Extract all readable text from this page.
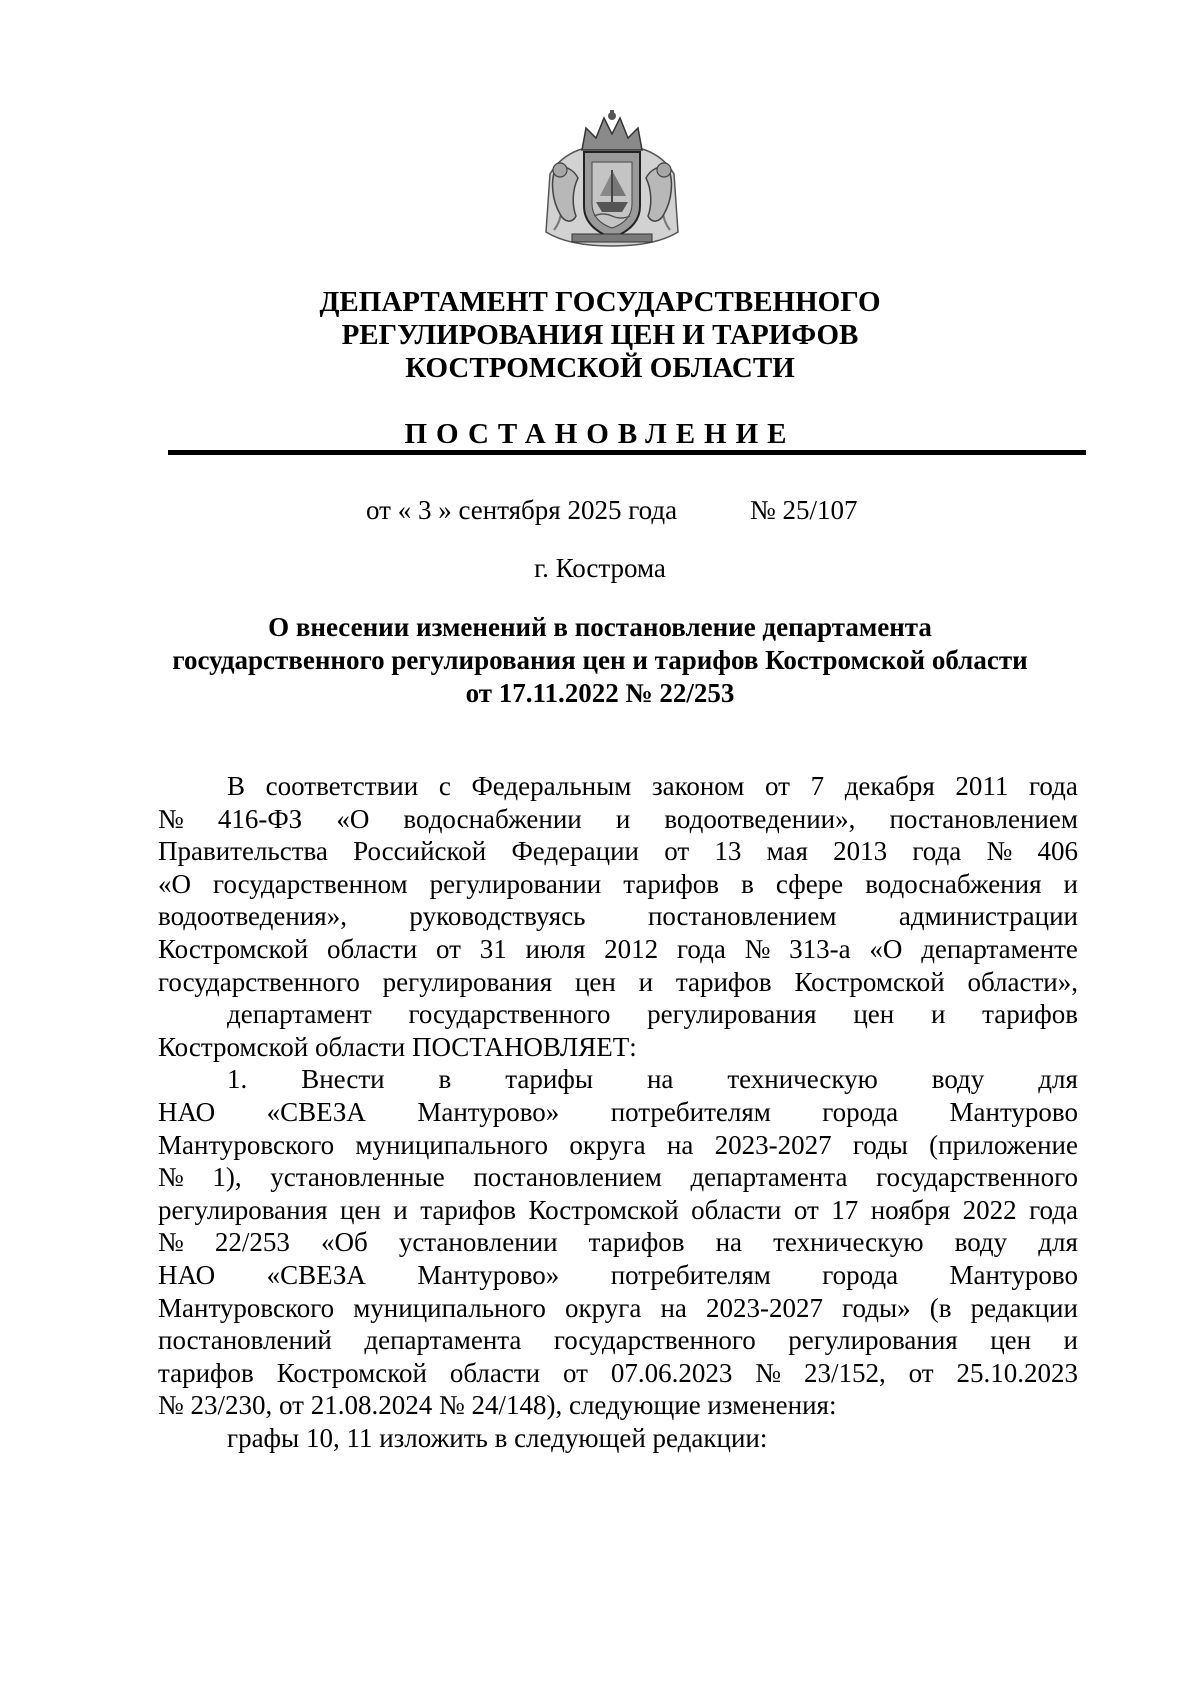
ДЕПАРТАМЕНТ ГОСУДАРСТВЕННОГО
РЕГУЛИРОВАНИЯ ЦЕН И ТАРИФОВ
КОСТРОМСКОЙ ОБЛАСТИ
ПОСТАНОВЛЕНИЕ
от « 3 » сентября 2025 года	№ 25/107
г. Кострома
О внесении изменений в постановление департамента
государственного регулирования цен и тарифов Костромской области
от 17.11.2022 № 22/253
В соответствии с Федеральным законом от 7 декабря 2011 года
№ 416-ФЗ «О водоснабжении и водоотведении», постановлением
Правительства Российской Федерации от 13 мая 2013 года № 406
«О государственном регулировании тарифов в сфере водоснабжения и
водоотведения», руководствуясь постановлением администрации
Костромской области от 31 июля 2012 года № 313-а «О департаменте
государственного регулирования цен и тарифов Костромской области»,
департамент государственного регулирования цен и тарифов
Костромской области ПОСТАНОВЛЯЕТ:
1. Внести в тарифы на техническую воду для
НАО «СВЕЗА Мантурово» потребителям города Мантурово
Мантуровского муниципального округа на 2023-2027 годы (приложение
№ 1), установленные постановлением департамента государственного
регулирования цен и тарифов Костромской области от 17 ноября 2022 года
№ 22/253 «Об установлении тарифов на техническую воду для
НАО «СВЕЗА Мантурово» потребителям города Мантурово
Мантуровского муниципального округа на 2023-2027 годы» (в редакции
постановлений департамента государственного регулирования цен и
тарифов Костромской области от 07.06.2023 № 23/152, от 25.10.2023
№ 23/230, от 21.08.2024 № 24/148), следующие изменения:
графы 10, 11 изложить в следующей редакции:
